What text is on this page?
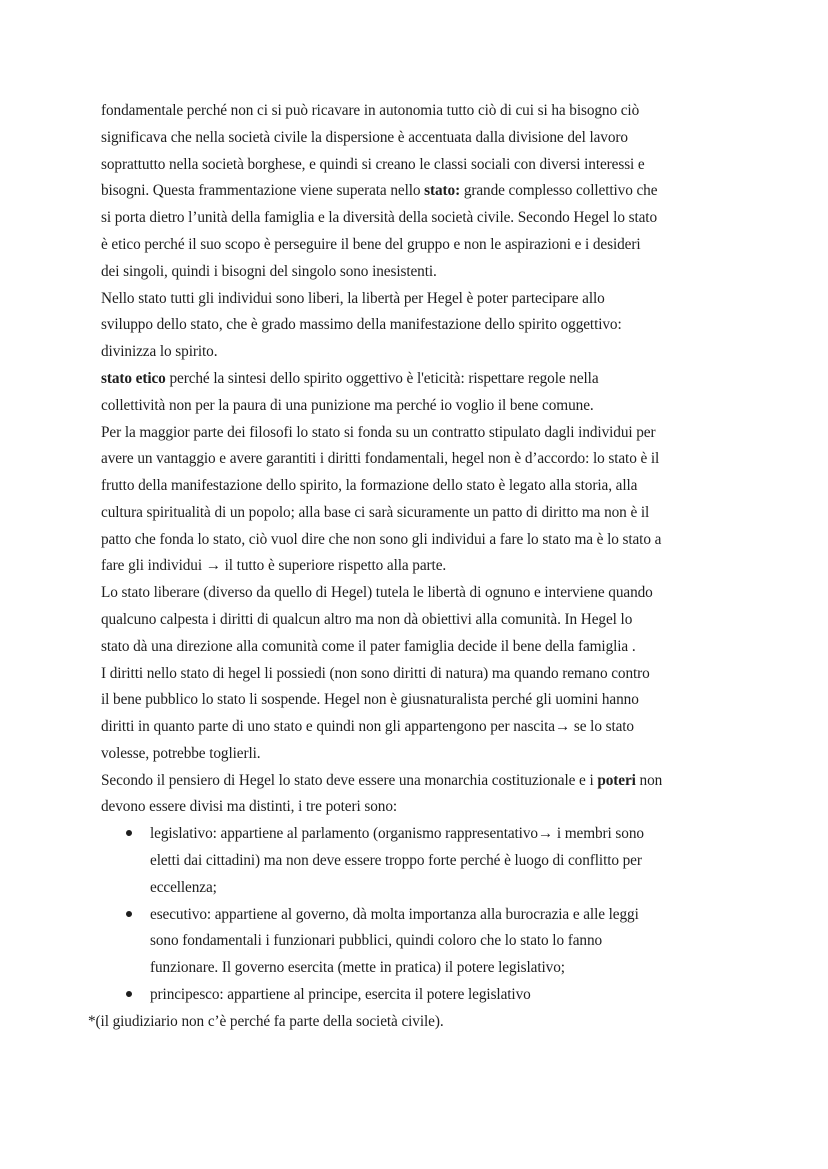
fondamentale perché non ci si può ricavare in autonomia tutto ciò di cui si ha bisogno ciò
significava che nella società civile la dispersione è accentuata dalla divisione del lavoro
soprattutto nella società borghese, e quindi si creano le classi sociali con diversi interessi e
bisogni. Questa frammentazione viene superata nello stato: grande complesso collettivo che
si porta dietro l’unità della famiglia e la diversità della società civile. Secondo Hegel lo stato
è etico perché il suo scopo è perseguire il bene del gruppo e non le aspirazioni e i desideri
dei singoli, quindi i bisogni del singolo sono inesistenti.
Nello stato tutti gli individui sono liberi, la libertà per Hegel è poter partecipare allo
sviluppo dello stato, che è grado massimo della manifestazione dello spirito oggettivo:
divinizza lo spirito.
stato etico perché la sintesi dello spirito oggettivo è l'eticità: rispettare regole nella
collettività non per la paura di una punizione ma perché io voglio il bene comune.
Per la maggior parte dei filosofi lo stato si fonda su un contratto stipulato dagli individui per
avere un vantaggio e avere garantiti i diritti fondamentali, hegel non è d’accordo: lo stato è il
frutto della manifestazione dello spirito, la formazione dello stato è legato alla storia, alla
cultura spiritualità di un popolo; alla base ci sarà sicuramente un patto di diritto ma non è il
patto che fonda lo stato, ciò vuol dire che non sono gli individui a fare lo stato ma è lo stato a
fare gli individui → il tutto è superiore rispetto alla parte.
Lo stato liberare (diverso da quello di Hegel) tutela le libertà di ognuno e interviene quando
qualcuno calpesta i diritti di qualcun altro ma non dà obiettivi alla comunità. In Hegel lo
stato dà una direzione alla comunità come il pater famiglia decide il bene della famiglia .
I diritti nello stato di hegel li possiedi (non sono diritti di natura) ma quando remano contro
il bene pubblico lo stato li sospende. Hegel non è giusnaturalista perché gli uomini hanno
diritti in quanto parte di uno stato e quindi non gli appartengono per nascita→ se lo stato
volesse, potrebbe toglierli.
Secondo il pensiero di Hegel lo stato deve essere una monarchia costituzionale e i poteri non
devono essere divisi ma distinti, i tre poteri sono:
legislativo: appartiene al parlamento (organismo rappresentativo→ i membri sono
eletti dai cittadini) ma non deve essere troppo forte perché è luogo di conflitto per
eccellenza;
esecutivo: appartiene al governo, dà molta importanza alla burocrazia e alle leggi
sono fondamentali i funzionari pubblici, quindi coloro che lo stato lo fanno
funzionare. Il governo esercita (mette in pratica) il potere legislativo;
principesco: appartiene al principe, esercita il potere legislativo
*(il giudiziario non c’è perché fa parte della società civile).
